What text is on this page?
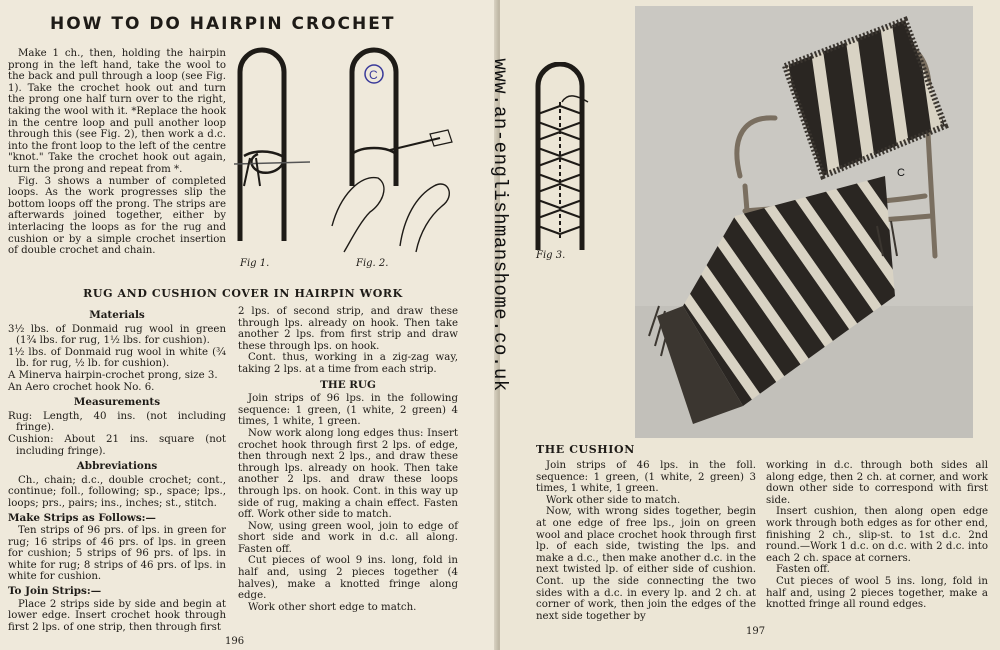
HOW TO DO HAIRPIN CROCHET

Make 1 ch., then, holding the hairpin prong in the left hand, take the wool to the back and pull through a loop (see Fig. 1). Take the crochet hook out and turn the prong one half turn over to the right, taking the wool with it. *Replace the hook in the centre loop and pull another loop through this (see Fig. 2), then work a d.c. into the front loop to the left of the centre "knot." Take the crochet hook out again, turn the prong and repeat from *.

Fig. 3 shows a number of completed loops. As the work progresses slip the bottom loops off the prong. The strips are afterwards joined together, either by interlacing the loops as for the rug and cushion or by a simple crochet insertion of double crochet and chain.

Fig 1.
C
Fig. 2.
RUG AND CUSHION COVER IN HAIRPIN WORK
Materials

3½ lbs. of Donmaid rug wool in green (1¾ lbs. for rug, 1½ lbs. for cushion).

1½ lbs. of Donmaid rug wool in white (¾ lb. for rug, ½ lb. for cushion).

A Minerva hairpin-crochet prong, size 3.

An Aero crochet hook No. 6.

Measurements

Rug: Length, 40 ins. (not including fringe).

Cushion: About 21 ins. square (not including fringe).

Abbreviations

Ch., chain; d.c., double crochet; cont., continue; foll., following; sp., space; lps., loops; prs., pairs; ins., inches; st., stitch.

Make Strips as Follows:—

Ten strips of 96 prs. of lps. in green for rug; 16 strips of 46 prs. of lps. in green for cushion; 5 strips of 96 prs. of lps. in white for rug; 8 strips of 46 prs. of lps. in white for cushion.

To Join Strips:—

Place 2 strips side by side and begin at lower edge. Insert crochet hook through first 2 lps. of one strip, then through first

2 lps. of second strip, and draw these through lps. already on hook. Then take another 2 lps. from first strip and draw these through lps. on hook.

Cont. thus, working in a zig-zag way, taking 2 lps. at a time from each strip.

THE RUG

Join strips of 96 lps. in the following sequence: 1 green, (1 white, 2 green) 4 times, 1 white, 1 green.

Now work along long edges thus: Insert crochet hook through first 2 lps. of edge, then through next 2 lps., and draw these through lps. already on hook. Then take another 2 lps. and draw these loops through lps. on hook. Cont. in this way up side of rug, making a chain effect. Fasten off. Work other side to match.

Now, using green wool, join to edge of short side and work in d.c. all along. Fasten off.

Cut pieces of wool 9 ins. long, fold in half and, using 2 pieces together (4 halves), make a knotted fringe along edge.

Work other short edge to match.

196
Fig 3.
THE CUSHION

Join strips of 46 lps. in the foll. sequence: 1 green, (1 white, 2 green) 3 times, 1 white, 1 green.

Work other side to match.

Now, with wrong sides together, begin at one edge of free lps., join on green wool and place crochet hook through first lp. of each side, twisting the lps. and make a d.c., then make another d.c. in the next twisted lp. of either side of cushion. Cont. up the side connecting the two sides with a d.c. in every lp. and 2 ch. at corner of work, then join the edges of the next side together by

working in d.c. through both sides all along edge, then 2 ch. at corner, and work down other side to correspond with first side.

Insert cushion, then along open edge work through both edges as for other end, finishing 2 ch., slip-st. to 1st d.c. 2nd round.—Work 1 d.c. on d.c. with 2 d.c. into each 2 ch. space at corners.

Fasten off.

Cut pieces of wool 5 ins. long, fold in half and, using 2 pieces together, make a knotted fringe all round edges.

197
C
www.an-englishmanshome.co.uk
